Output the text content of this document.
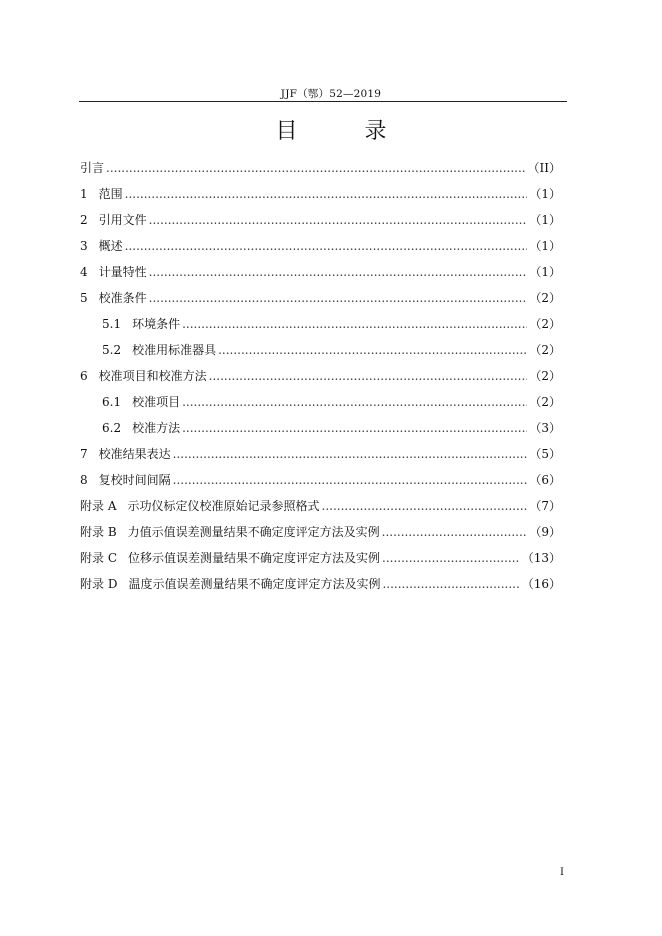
JJF（鄂）52—2019
目 录
引言 .....	（II）
1 范围 .....	（1）
2 引用文件 .....	（1）
3 概述 .....	（1）
4 计量特性 .....	（1）
5 校准条件 .....	（2）
5.1 环境条件 .....	（2）
5.2 校准用标准器具 .....	（2）
6 校准项目和校准方法 .....	（2）
6.1 校准项目 .....	（2）
6.2 校准方法 .....	（3）
7 校准结果表达 .....	（5）
8 复校时间间隔 .....	（6）
附录 A 示功仪标定仪校准原始记录参照格式 .....	（7）
附录 B 力值示值误差测量结果不确定度评定方法及实例 .....	（9）
附录 C 位移示值误差测量结果不确定度评定方法及实例 .....	（13）
附录 D 温度示值误差测量结果不确定度评定方法及实例 .....	（16）
I
